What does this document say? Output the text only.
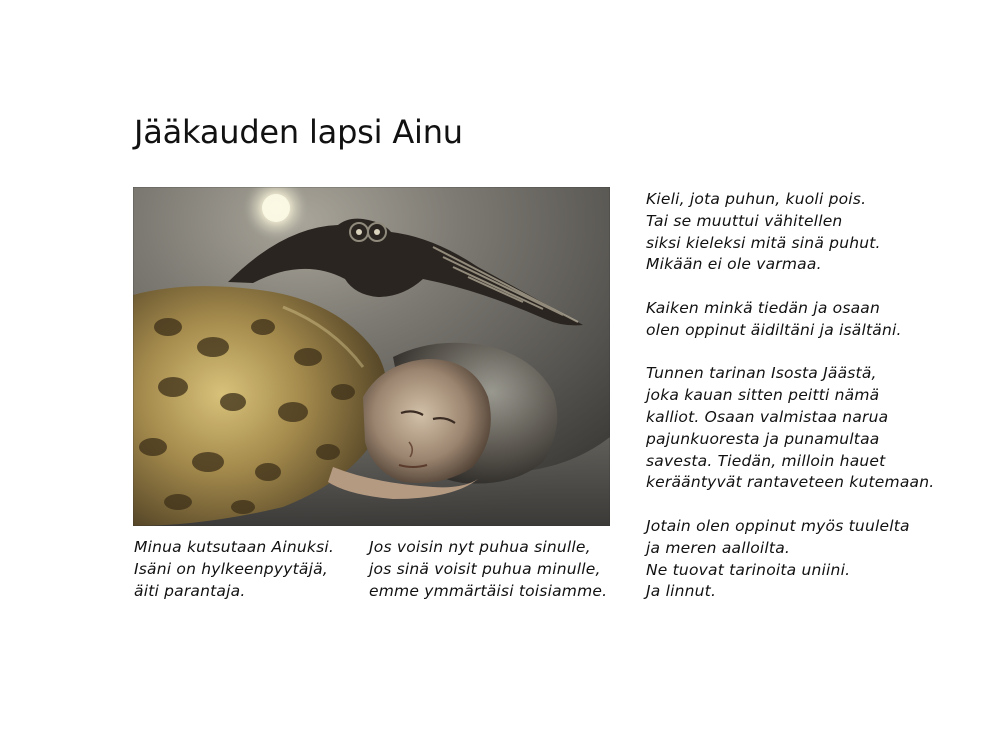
Jääkauden lapsi Ainu

Minua kutsutaan Ainuksi.
Isäni on hylkeenpyytäjä,
äiti parantaja.

Jos voisin nyt puhua sinulle,
jos sinä voisit puhua minulle,
emme ymmärtäisi toisiamme.

Kieli, jota puhun, kuoli pois.
Tai se muuttui vähitellen
siksi kieleksi mitä sinä puhut.
Mikään ei ole varmaa.
Kaiken minkä tiedän ja osaan
olen oppinut äidiltäni ja isältäni.
Tunnen tarinan Isosta Jäästä,
joka kauan sitten peitti nämä
kalliot. Osaan valmistaa narua
pajunkuoresta ja punamultaa
savesta. Tiedän, milloin hauet
kerääntyvät rantaveteen kutemaan.
Jotain olen oppinut myös tuulelta
ja meren aalloilta.
Ne tuovat tarinoita uniini.
Ja linnut.
